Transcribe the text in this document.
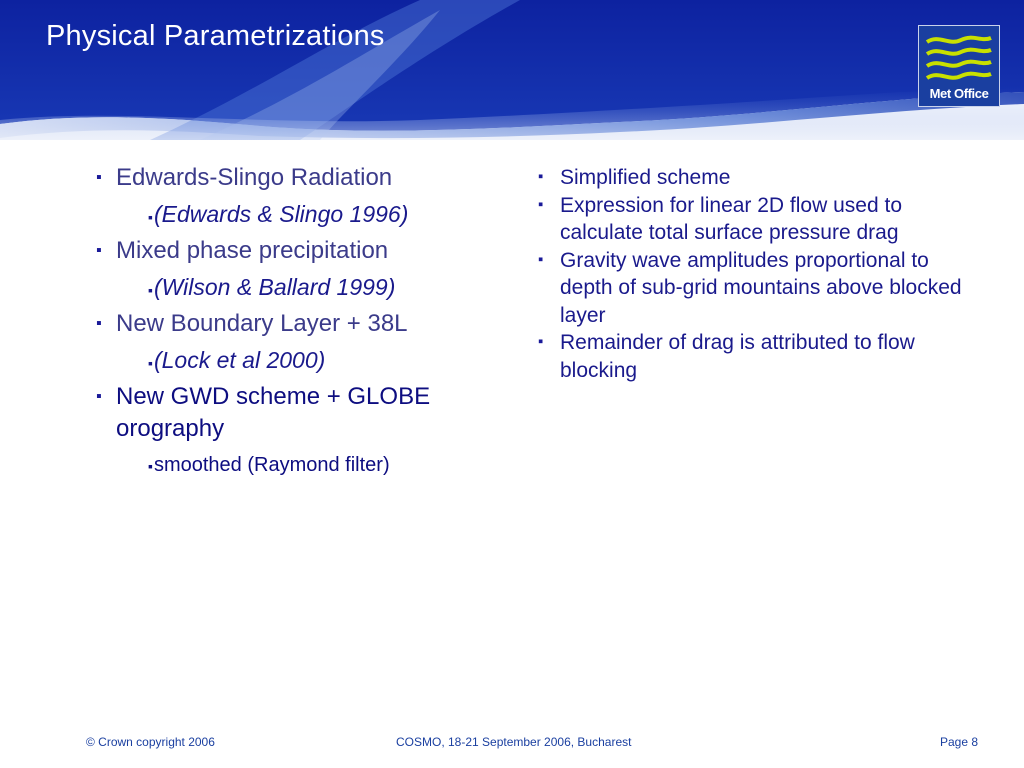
Physical Parametrizations
Met Office
▪ Edwards-Slingo Radiation
▪(Edwards & Slingo 1996)
▪ Mixed phase precipitation
▪(Wilson & Ballard 1999)
▪ New Boundary Layer + 38L
▪(Lock et al 2000)
▪ New GWD scheme + GLOBE orography
▪smoothed (Raymond filter)
▪ Simplified scheme
▪ Expression for linear 2D flow used to calculate total surface pressure drag
▪ Gravity wave amplitudes proportional to depth of sub-grid mountains above blocked layer
▪ Remainder of drag is attributed to flow blocking
© Crown copyright 2006	COSMO, 18-21 September 2006, Bucharest	Page 8
